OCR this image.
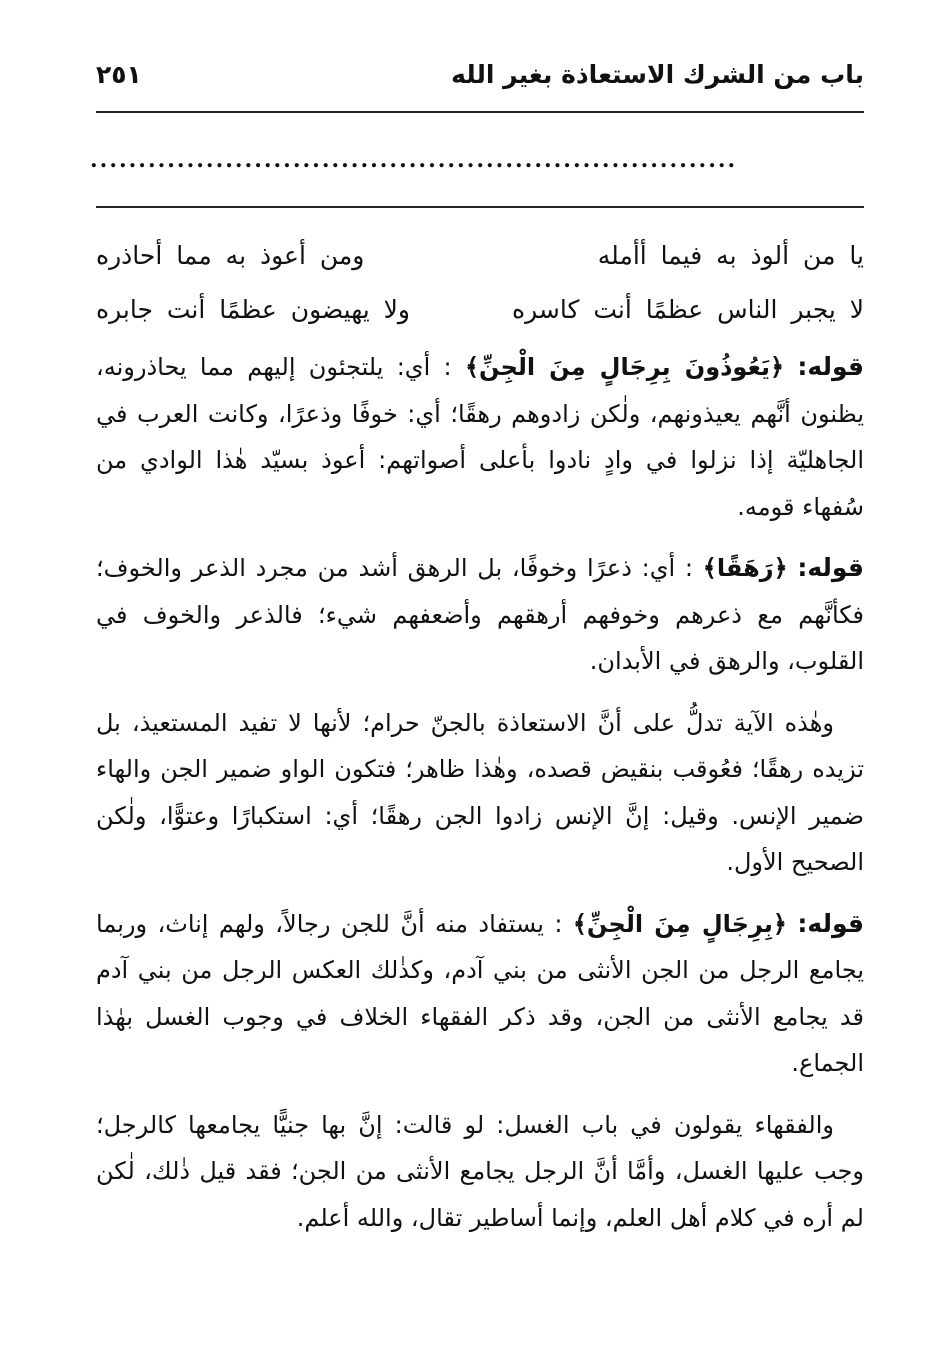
باب من الشرك الاستعاذة بغير الله
٢٥١
...................................................................
يا من ألوذ به فيما أأمله
ومن أعوذ به مما أحاذره
لا يجبر الناس عظمًا أنت كاسره
ولا يهيضون عظمًا أنت جابره

قوله: ﴿يَعُوذُونَ بِرِجَالٍ مِنَ الْجِنِّ﴾ : أي: يلتجئون إليهم مما يحاذرونه، يظنون أنَّهم يعيذونهم، ولٰكن زادوهم رهقًا؛ أي: خوفًا وذعرًا، وكانت العرب في الجاهليّة إذا نزلوا في وادٍ نادوا بأعلى أصواتهم: أعوذ بسيّد هٰذا الوادي من سُفهاء قومه.

قوله: ﴿رَهَقًا﴾ : أي: ذعرًا وخوفًا، بل الرهق أشد من مجرد الذعر والخوف؛ فكأنَّهم مع ذعرهم وخوفهم أرهقهم وأضعفهم شيء؛ فالذعر والخوف في القلوب، والرهق في الأبدان.

وهٰذه الآية تدلُّ على أنَّ الاستعاذة بالجنّ حرام؛ لأنها لا تفيد المستعيذ، بل تزيده رهقًا؛ فعُوقب بنقيض قصده، وهٰذا ظاهر؛ فتكون الواو ضمير الجن والهاء ضمير الإنس. وقيل: إنَّ الإنس زادوا الجن رهقًا؛ أي: استكبارًا وعتوًّا، ولٰكن الصحيح الأول.

قوله: ﴿بِرِجَالٍ مِنَ الْجِنِّ﴾ : يستفاد منه أنَّ للجن رجالاً، ولهم إناث، وربما يجامع الرجل من الجن الأنثى من بني آدم، وكذٰلك العكس الرجل من بني آدم قد يجامع الأنثى من الجن، وقد ذكر الفقهاء الخلاف في وجوب الغسل بهٰذا الجماع.

والفقهاء يقولون في باب الغسل: لو قالت: إنَّ بها جنيًّا يجامعها كالرجل؛ وجب عليها الغسل، وأمَّا أنَّ الرجل يجامع الأنثى من الجن؛ فقد قيل ذٰلك، لٰكن لم أره في كلام أهل العلم، وإنما أساطير تقال، والله أعلم.
